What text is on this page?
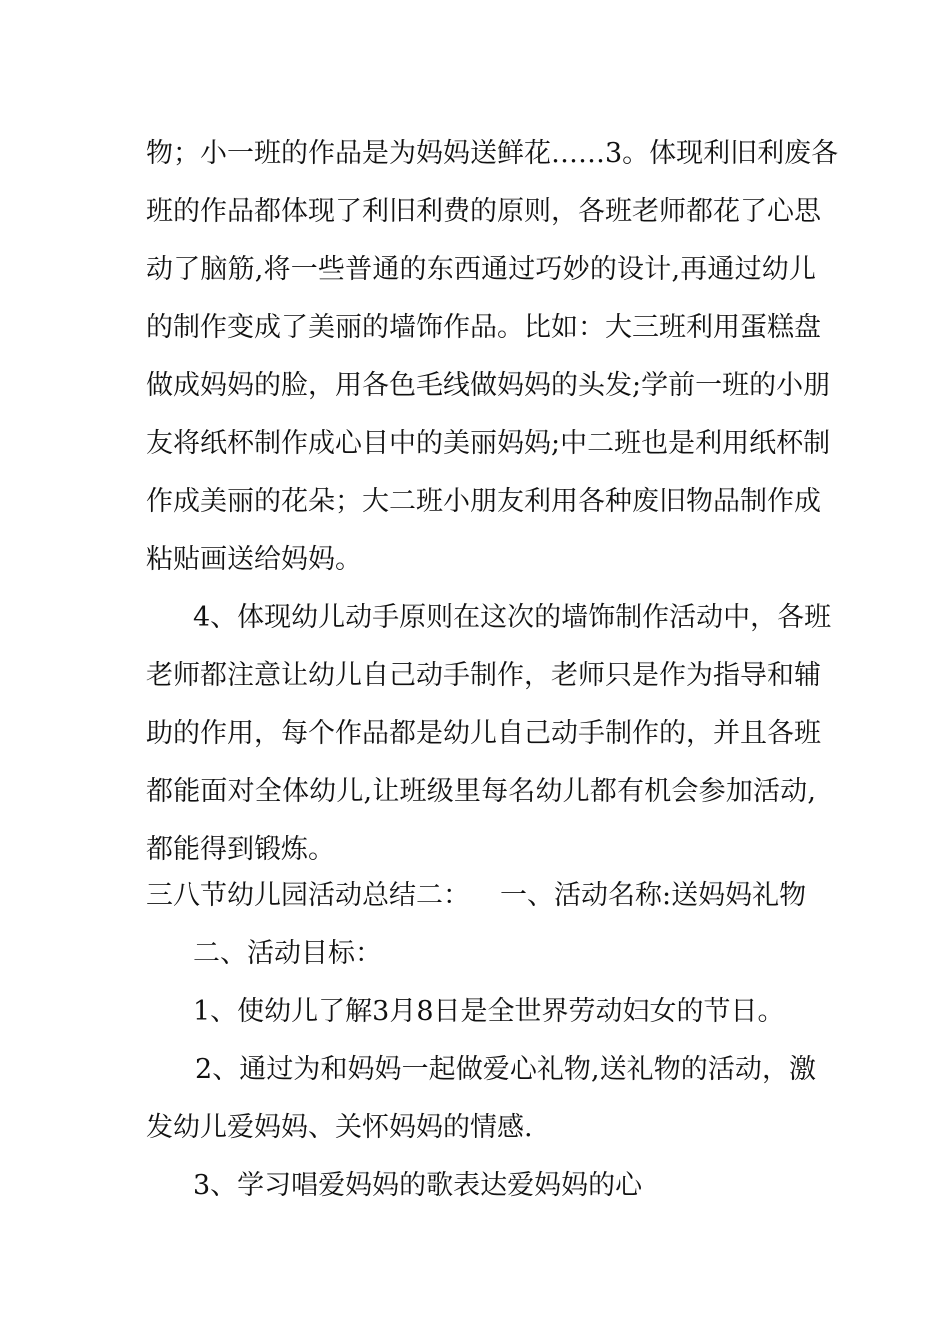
物；小一班的作品是为妈妈送鲜花……3。体现利旧利废各
班的作品都体现了利旧利费的原则，各班老师都花了心思
动了脑筋,将一些普通的东西通过巧妙的设计,再通过幼儿
的制作变成了美丽的墙饰作品。比如：大三班利用蛋糕盘
做成妈妈的脸，用各色毛线做妈妈的头发;学前一班的小朋
友将纸杯制作成心目中的美丽妈妈;中二班也是利用纸杯制
作成美丽的花朵；大二班小朋友利用各种废旧物品制作成
粘贴画送给妈妈。
4、体现幼儿动手原则在这次的墙饰制作活动中，各班
老师都注意让幼儿自己动手制作，老师只是作为指导和辅
助的作用，每个作品都是幼儿自己动手制作的，并且各班
都能面对全体幼儿,让班级里每名幼儿都有机会参加活动,
都能得到锻炼。
三八节幼儿园活动总结二： 一、活动名称:送妈妈礼物
二、活动目标：
1、使幼儿了解3月8日是全世界劳动妇女的节日。
2、通过为和妈妈一起做爱心礼物,送礼物的活动，激
发幼儿爱妈妈、关怀妈妈的情感.
3、学习唱爱妈妈的歌表达爱妈妈的心
